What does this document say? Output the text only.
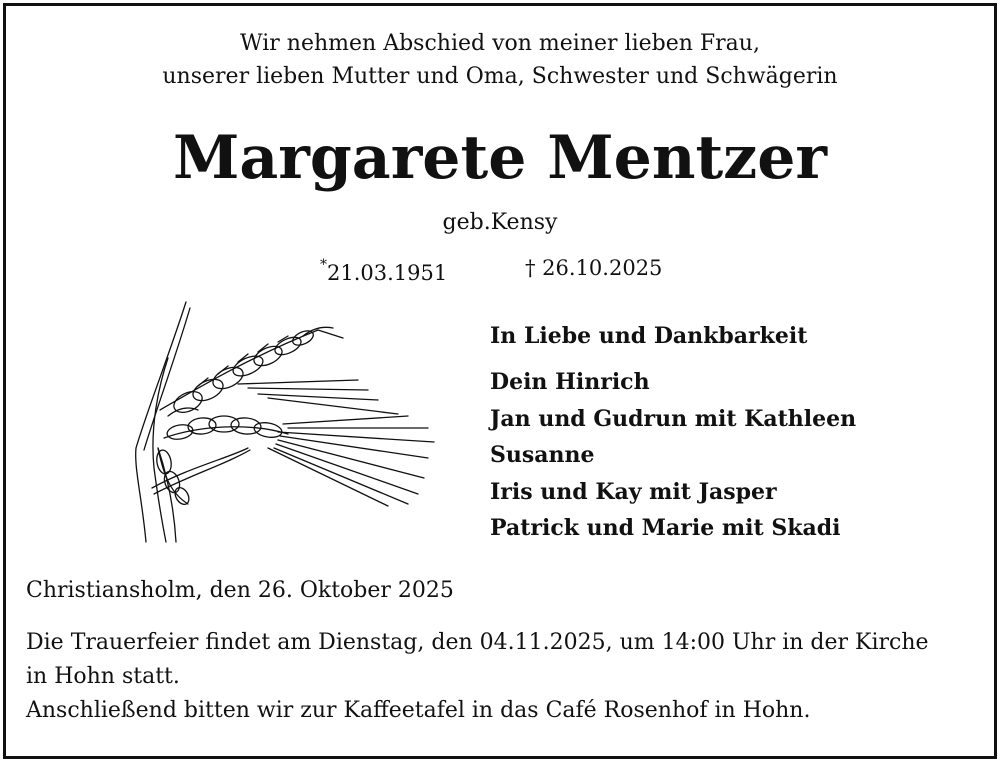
Wir nehmen Abschied von meiner lieben Frau,
unserer lieben Mutter und Oma, Schwester und Schwägerin
Margarete Mentzer
geb.Kensy
*21.03.1951	† 26.10.2025
In Liebe und Dankbarkeit
Dein Hinrich
Jan und Gudrun mit Kathleen
Susanne
Iris und Kay mit Jasper
Patrick und Marie mit Skadi
Christiansholm, den 26. Oktober 2025
Die Trauerfeier findet am Dienstag, den 04.11.2025, um 14:00 Uhr in der Kirche
in Hohn statt.
Anschließend bitten wir zur Kaffeetafel in das Café Rosenhof in Hohn.
